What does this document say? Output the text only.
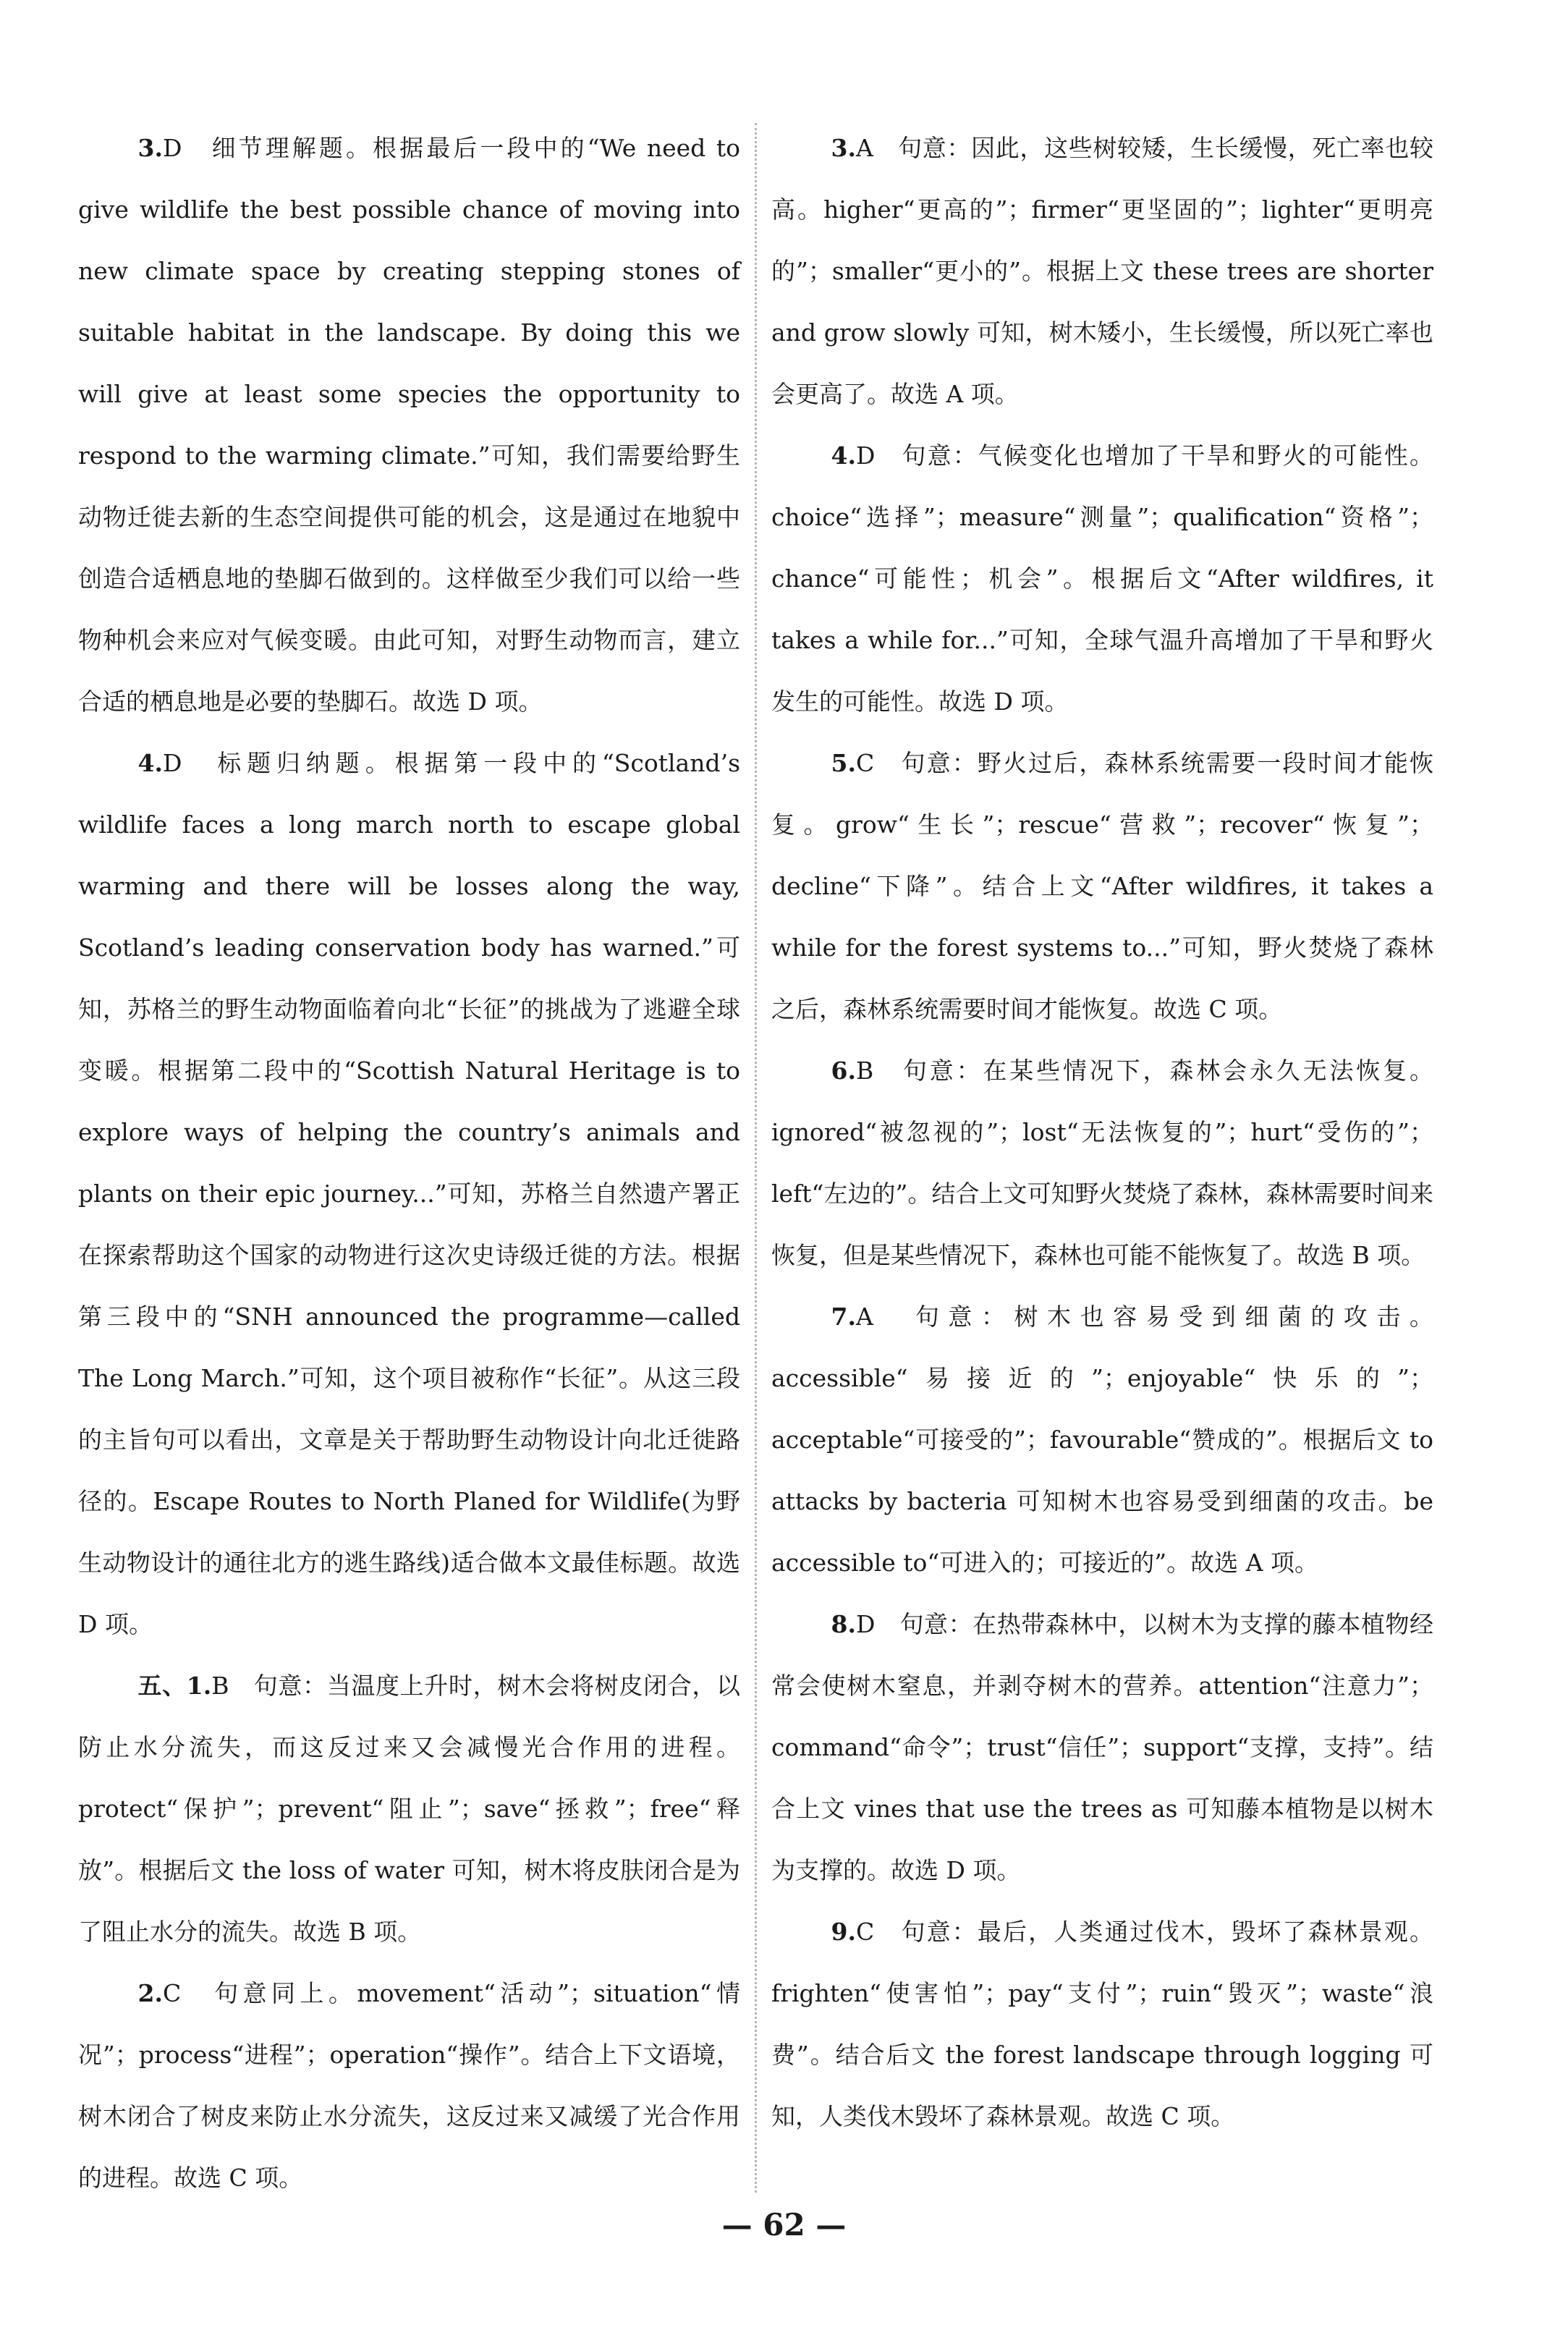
3.D　细节理解题。根据最后一段中的“We need to give wildlife the best possible chance of moving into new climate space by creating stepping stones of suitable habitat in the landscape. By doing this we will give at least some species the opportunity to respond to the warming climate.”可知，我们需要给野生动物迁徙去新的生态空间提供可能的机会，这是通过在地貌中创造合适栖息地的垫脚石做到的。这样做至少我们可以给一些物种机会来应对气候变暖。由此可知，对野生动物而言，建立合适的栖息地是必要的垫脚石。故选 D 项。

4.D　标题归纳题。根据第一段中的“Scotland’s wildlife faces a long march north to escape global warming and there will be losses along the way, Scotland’s leading conservation body has warned.”可知，苏格兰的野生动物面临着向北“长征”的挑战为了逃避全球变暖。根据第二段中的“Scottish Natural Heritage is to explore ways of helping the country’s animals and plants on their epic journey...”可知，苏格兰自然遗产署正在探索帮助这个国家的动物进行这次史诗级迁徙的方法。根据第三段中的“SNH announced the programme—called The Long March.”可知，这个项目被称作“长征”。从这三段的主旨句可以看出，文章是关于帮助野生动物设计向北迁徙路径的。Escape Routes to North Planed for Wildlife(为野生动物设计的通往北方的逃生路线)适合做本文最佳标题。故选 D 项。

五、1.B　句意：当温度上升时，树木会将树皮闭合，以防止水分流失，而这反过来又会减慢光合作用的进程。protect“保护”；prevent“阻止”；save“拯救”；free“释放”。根据后文 the loss of water 可知，树木将皮肤闭合是为了阻止水分的流失。故选 B 项。

2.C　句意同上。movement“活动”；situation“情况”；process“进程”；operation“操作”。结合上下文语境，树木闭合了树皮来防止水分流失，这反过来又减缓了光合作用的进程。故选 C 项。

3.A　句意：因此，这些树较矮，生长缓慢，死亡率也较高。higher“更高的”；firmer“更坚固的”；lighter“更明亮的”；smaller“更小的”。根据上文 these trees are shorter and grow slowly 可知，树木矮小，生长缓慢，所以死亡率也会更高了。故选 A 项。

4.D　句意：气候变化也增加了干旱和野火的可能性。choice“选择”；measure“测量”；qualification“资格”；chance“可能性；机会”。根据后文“After wildfires, it takes a while for...”可知，全球气温升高增加了干旱和野火发生的可能性。故选 D 项。

5.C　句意：野火过后，森林系统需要一段时间才能恢复。grow“生长”；rescue“营救”；recover“恢复”；decline“下降”。结合上文“After wildfires, it takes a while for the forest systems to...”可知，野火焚烧了森林之后，森林系统需要时间才能恢复。故选 C 项。

6.B　句意：在某些情况下，森林会永久无法恢复。ignored“被忽视的”；lost“无法恢复的”；hurt“受伤的”；left“左边的”。结合上文可知野火焚烧了森林，森林需要时间来恢复，但是某些情况下，森林也可能不能恢复了。故选 B 项。

7.A　句意：树木也容易受到细菌的攻击。accessible“易接近的”；enjoyable“快乐的”；acceptable“可接受的”；favourable“赞成的”。根据后文 to attacks by bacteria 可知树木也容易受到细菌的攻击。be accessible to“可进入的；可接近的”。故选 A 项。

8.D　句意：在热带森林中，以树木为支撑的藤本植物经常会使树木窒息，并剥夺树木的营养。attention“注意力”；command“命令”；trust“信任”；support“支撑，支持”。结合上文 vines that use the trees as 可知藤本植物是以树木为支撑的。故选 D 项。

9.C　句意：最后，人类通过伐木，毁坏了森林景观。frighten“使害怕”；pay“支付”；ruin“毁灭”；waste“浪费”。结合后文 the forest landscape through logging 可知，人类伐木毁坏了森林景观。故选 C 项。

— 62 —
